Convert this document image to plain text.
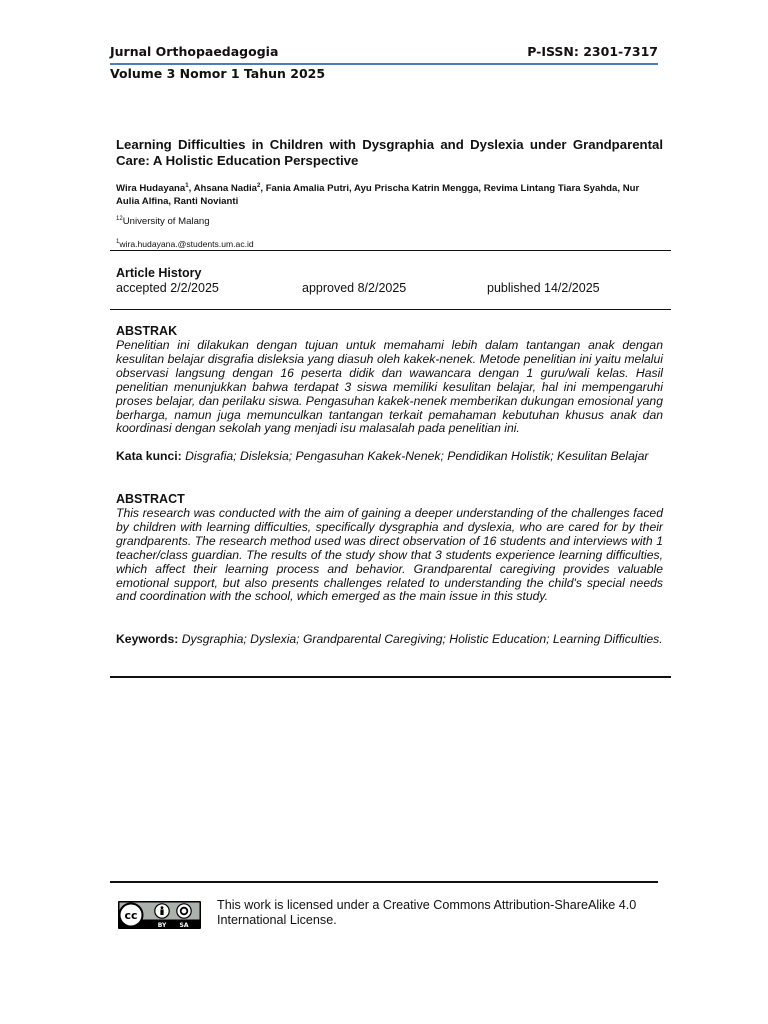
Jurnal Orthopaedagogia	P-ISSN: 2301-7317
Volume 3 Nomor 1 Tahun 2025
Learning Difficulties in Children with Dysgraphia and Dyslexia under Grandparental Care: A Holistic Education Perspective
Wira Hudayana$^1$, Ahsana Nadia$^2$, Fania Amalia Putri, Ayu Prischa Katrin Mengga, Revima Lintang Tiara Syahda, Nur Aulia Alfina, Ranti Novianti
$^{12}$University of Malang
$^1$wira.hudayana.@students.um.ac.id
Article History
accepted 2/2/2025	approved 8/2/2025	published 14/2/2025
ABSTRAK
Penelitian ini dilakukan dengan tujuan untuk memahami lebih dalam tantangan anak dengan kesulitan belajar disgrafia disleksia yang diasuh oleh kakek-nenek. Metode penelitian ini yaitu melalui observasi langsung dengan 16 peserta didik dan wawancara dengan 1 guru/wali kelas. Hasil penelitian menunjukkan bahwa terdapat 3 siswa memiliki kesulitan belajar, hal ini mempengaruhi proses belajar, dan perilaku siswa. Pengasuhan kakek-nenek memberikan dukungan emosional yang berharga, namun juga memunculkan tantangan terkait pemahaman kebutuhan khusus anak dan koordinasi dengan sekolah yang menjadi isu malasalah pada penelitian ini.
Kata kunci: Disgrafia; Disleksia; Pengasuhan Kakek-Nenek; Pendidikan Holistik; Kesulitan Belajar
ABSTRACT
This research was conducted with the aim of gaining a deeper understanding of the challenges faced by children with learning difficulties, specifically dysgraphia and dyslexia, who are cared for by their grandparents. The research method used was direct observation of 16 students and interviews with 1 teacher/class guardian. The results of the study show that 3 students experience learning difficulties, which affect their learning process and behavior. Grandparental caregiving provides valuable emotional support, but also presents challenges related to understanding the child's special needs and coordination with the school, which emerged as the main issue in this study.
Keywords: Dysgraphia; Dyslexia; Grandparental Caregiving; Holistic Education; Learning Difficulties.
cc
BY SA
This work is licensed under a Creative Commons Attribution-ShareAlike 4.0 International License.
